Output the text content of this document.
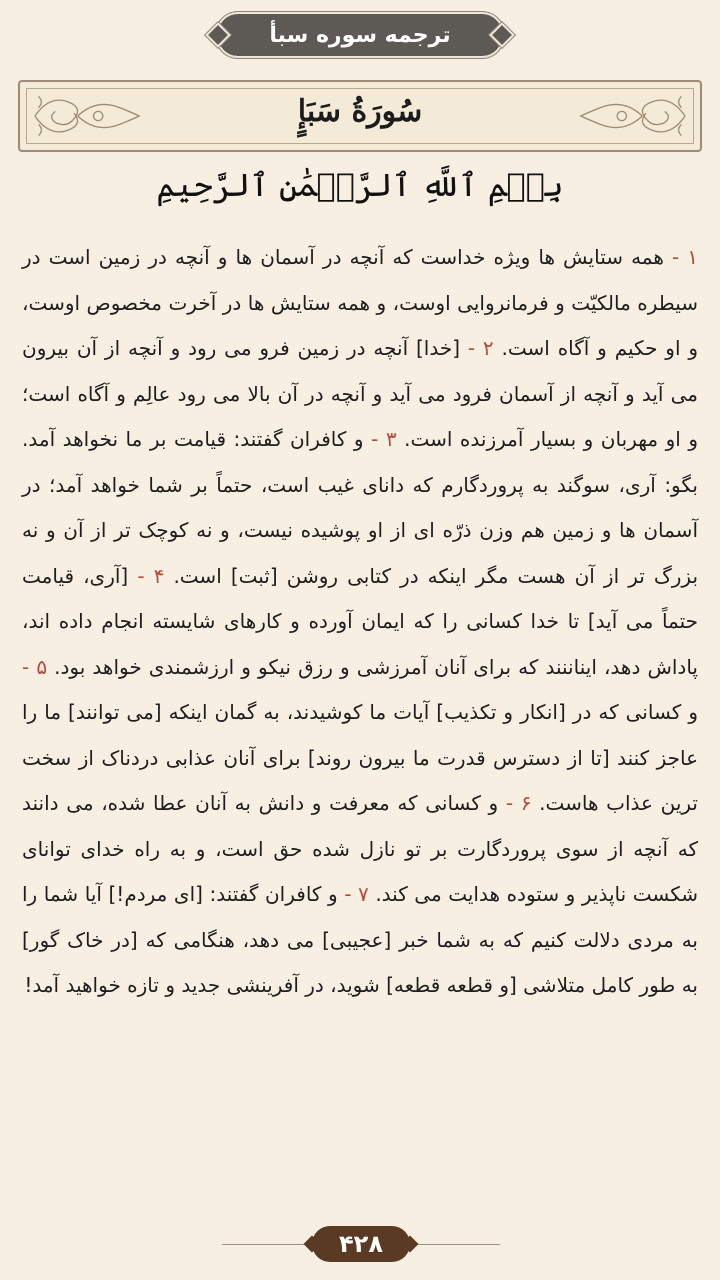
ترجمه سوره سبأ
سُورَةُ سَبَإٍ
بِسۡمِ ٱللَّهِ ٱلرَّحۡمَٰنِ ٱلرَّحِيمِ
۱ - همه ستایش ها ویژه خداست که آنچه در آسمان ها و آنچه در زمین است در سیطره مالکیّت و فرمانروایی اوست، و همه ستایش ها در آخرت مخصوص اوست، و او حکیم و آگاه است. ۲ - [خدا] آنچه در زمین فرو می رود و آنچه از آن بیرون می آید و آنچه از آسمان فرود می آید و آنچه در آن بالا می رود عالِم و آگاه است؛ و او مهربان و بسیار آمرزنده است. ۳ - و کافران گفتند: قیامت بر ما نخواهد آمد. بگو: آری، سوگند به پروردگارم که دانای غیب است، حتماً بر شما خواهد آمد؛ در آسمان ها و زمین هم وزن ذرّه ای از او پوشیده نیست، و نه کوچک تر از آن و نه بزرگ تر از آن هست مگر اینکه در کتابی روشن [ثبت] است. ۴ - [آری، قیامت حتماً می آید] تا خدا کسانی را که ایمان آورده و کارهای شایسته انجام داده اند، پاداش دهد، ایناننند که برای آنان آمرزشی و رزق نیکو و ارزشمندی خواهد بود. ۵ - و کسانی که در [انکار و تکذیب] آیات ما کوشیدند، به گمان اینکه [می توانند] ما را عاجز کنند [تا از دسترس قدرت ما بیرون روند] برای آنان عذابی دردناک از سخت ترین عذاب هاست. ۶ - و کسانی که معرفت و دانش به آنان عطا شده، می دانند که آنچه از سوی پروردگارت بر تو نازل شده حق است، و به راه خدای توانای شکست ناپذیر و ستوده هدایت می کند. ۷ - و کافران گفتند: [ای مردم!] آیا شما را به مردی دلالت کنیم که به شما خبر [عجیبی] می دهد، هنگامی که [در خاک گور] به طور کامل متلاشی [و قطعه قطعه] شوید، در آفرینشی جدید و تازه خواهید آمد!
۴۲۸
